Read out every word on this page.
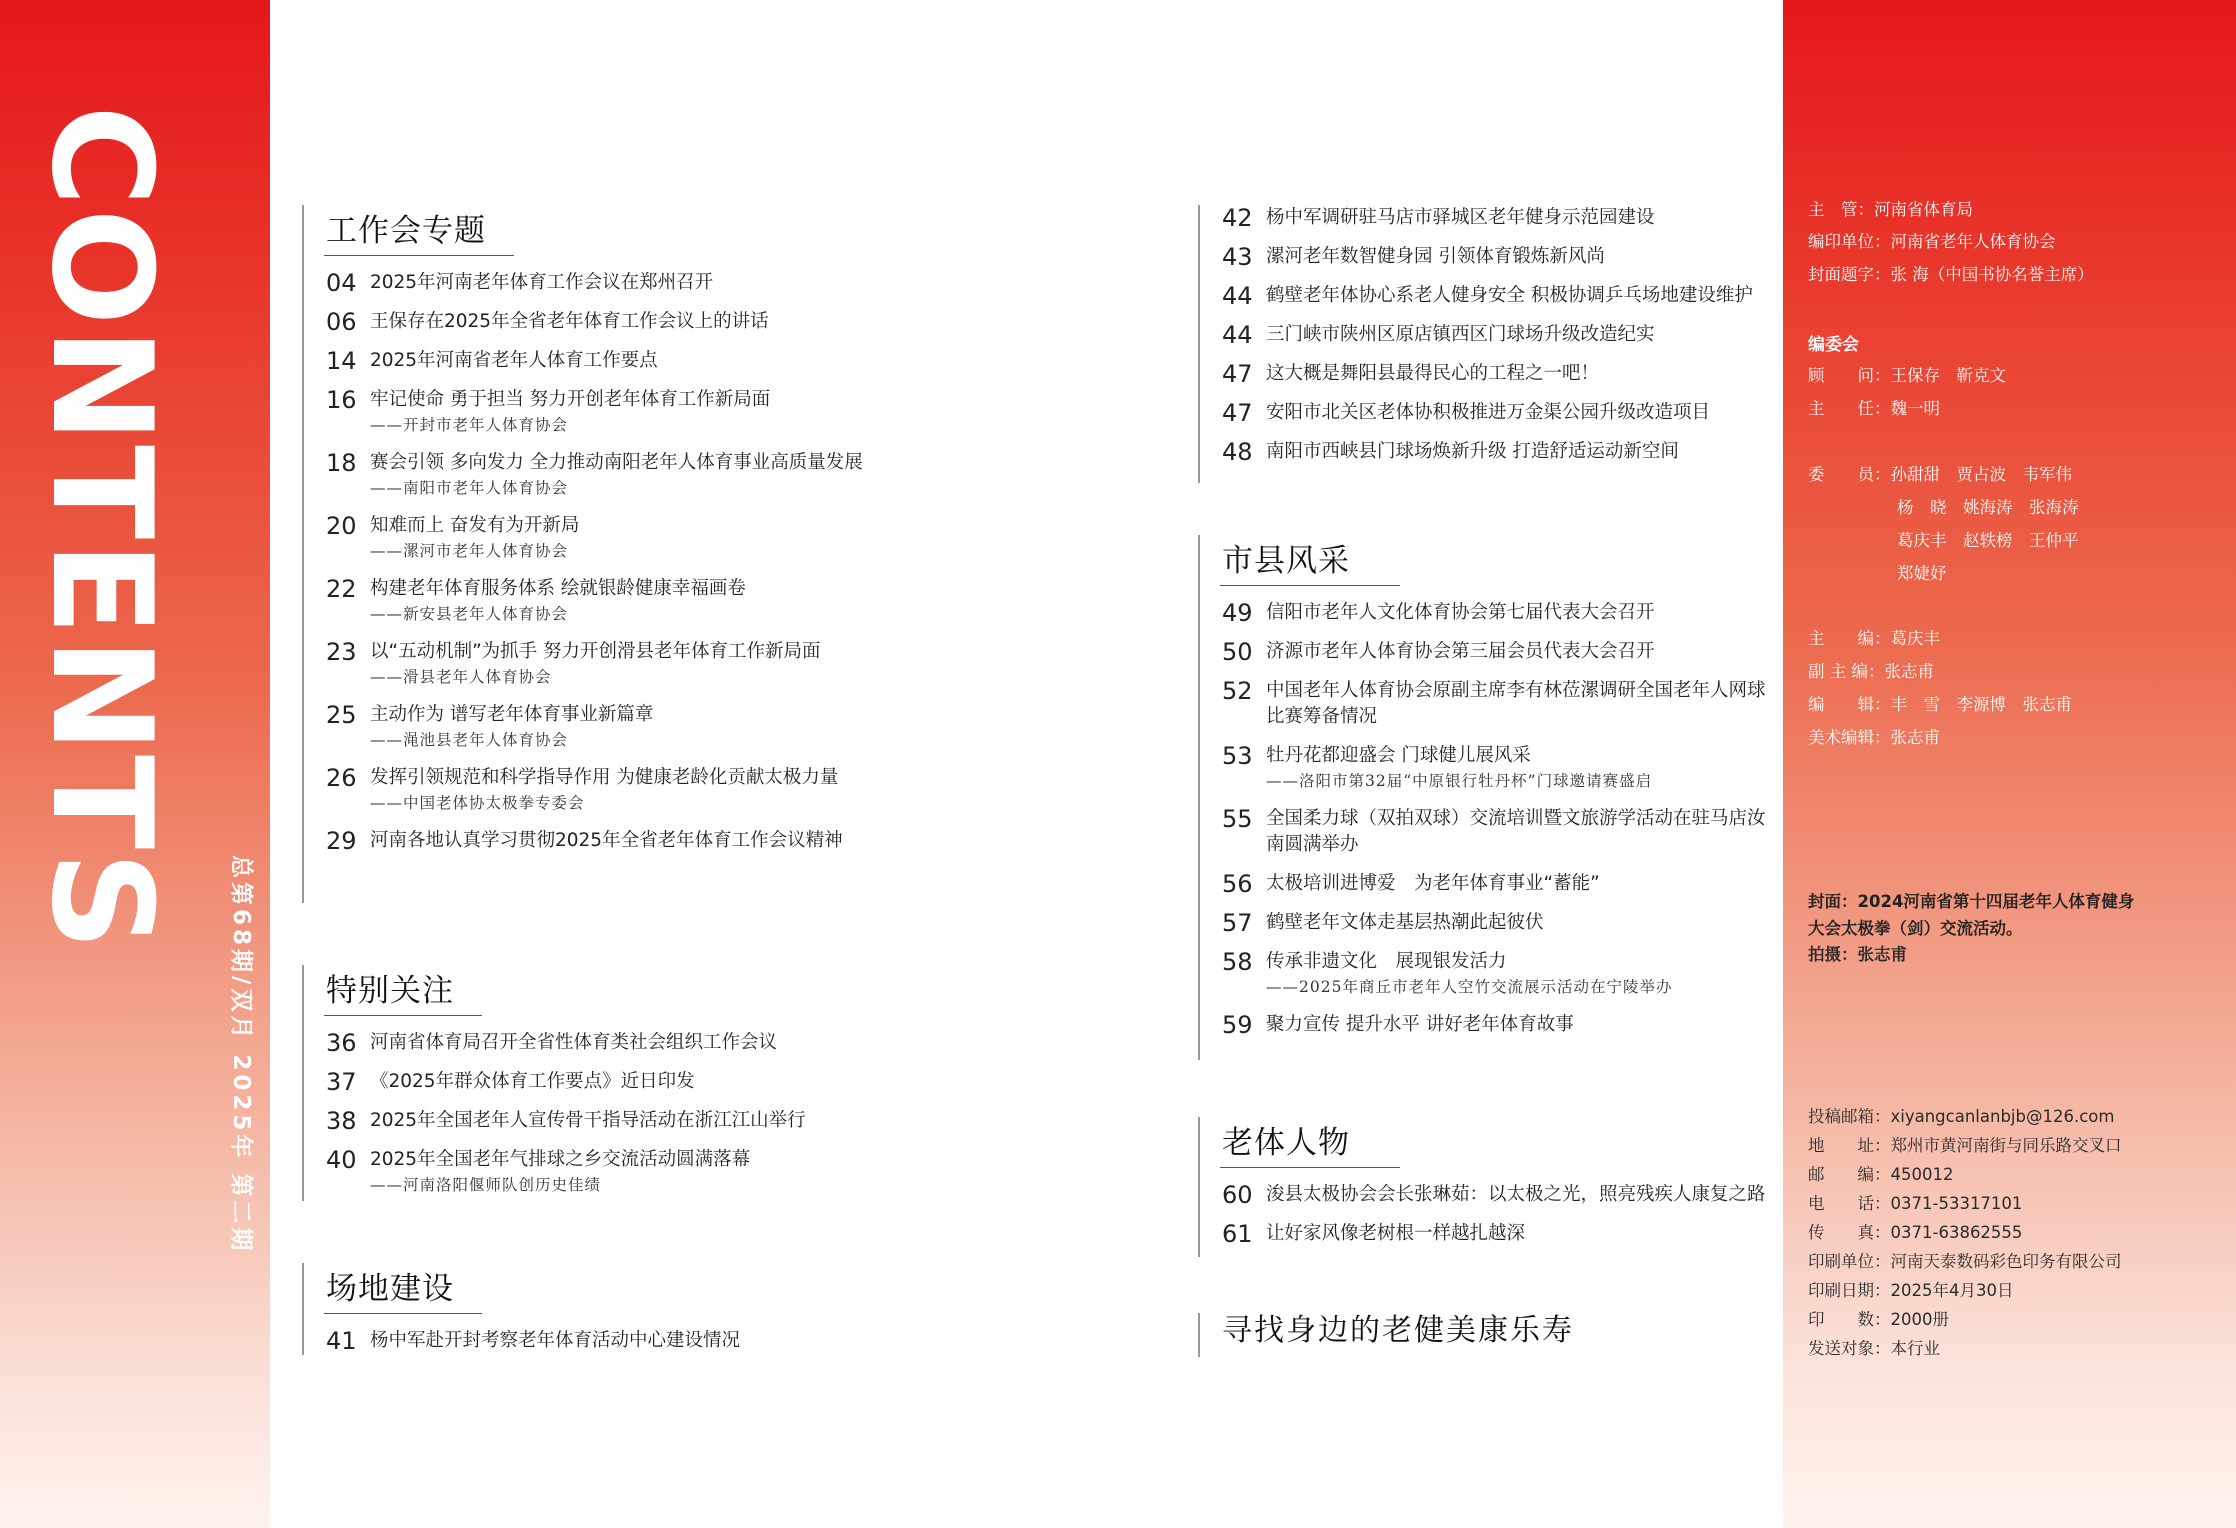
CONTENTS
总第68期/双月 2025年 第二期
工作会专题
04 2025年河南老年体育工作会议在郑州召开
06 王保存在2025年全省老年体育工作会议上的讲话
14 2025年河南省老年人体育工作要点
16 牢记使命 勇于担当 努力开创老年体育工作新局面
——开封市老年人体育协会
18 赛会引领 多向发力 全力推动南阳老年人体育事业高质量发展
——南阳市老年人体育协会
20 知难而上 奋发有为开新局
——漯河市老年人体育协会
22 构建老年体育服务体系 绘就银龄健康幸福画卷
——新安县老年人体育协会
23 以“五动机制”为抓手 努力开创滑县老年体育工作新局面
——滑县老年人体育协会
25 主动作为 谱写老年体育事业新篇章
——渑池县老年人体育协会
26 发挥引领规范和科学指导作用 为健康老龄化贡献太极力量
——中国老体协太极拳专委会
29 河南各地认真学习贯彻2025年全省老年体育工作会议精神
特别关注
36 河南省体育局召开全省性体育类社会组织工作会议
37 《2025年群众体育工作要点》近日印发
38 2025年全国老年人宣传骨干指导活动在浙江江山举行
40 2025年全国老年气排球之乡交流活动圆满落幕
——河南洛阳偃师队创历史佳绩
场地建设
41 杨中军赴开封考察老年体育活动中心建设情况
42 杨中军调研驻马店市驿城区老年健身示范园建设
43 漯河老年数智健身园 引领体育锻炼新风尚
44 鹤壁老年体协心系老人健身安全 积极协调乒乓场地建设维护
44 三门峡市陕州区原店镇西区门球场升级改造纪实
47 这大概是舞阳县最得民心的工程之一吧！
47 安阳市北关区老体协积极推进万金渠公园升级改造项目
48 南阳市西峡县门球场焕新升级 打造舒适运动新空间
市县风采
49 信阳市老年人文化体育协会第七届代表大会召开
50 济源市老年人体育协会第三届会员代表大会召开
52 中国老年人体育协会原副主席李有林莅漯调研全国老年人网球比赛筹备情况
53 牡丹花都迎盛会 门球健儿展风采
——洛阳市第32届“中原银行牡丹杯”门球邀请赛盛启
55 全国柔力球（双拍双球）交流培训暨文旅游学活动在驻马店汝南圆满举办
56 太极培训进博爱　为老年体育事业“蓄能”
57 鹤壁老年文体走基层热潮此起彼伏
58 传承非遗文化　展现银发活力
——2025年商丘市老年人空竹交流展示活动在宁陵举办
59 聚力宣传 提升水平 讲好老年体育故事
老体人物
60 浚县太极协会会长张琳茹：以太极之光，照亮残疾人康复之路
61 让好家风像老树根一样越扎越深
寻找身边的老健美康乐寿
主　管：河南省体育局
编印单位：河南省老年人体育协会
封面题字：张 海（中国书协名誉主席）
编委会
顾　　问：王保存　靳克文
主　　任：魏一明
委　　员：孙甜甜　贾占波　韦军伟
杨　晓　姚海涛　张海涛
葛庆丰　赵轶榜　王仲平
郑婕妤
主　　编：葛庆丰
副 主 编：张志甫
编　　辑：丰　雪　李源博　张志甫
美术编辑：张志甫
封面：2024河南省第十四届老年人体育健身大会太极拳（剑）交流活动。
拍摄：张志甫
投稿邮箱：xiyangcanlanbjb@126.com
地　　址：郑州市黄河南街与同乐路交叉口
邮　　编：450012
电　　话：0371-53317101
传　　真：0371-63862555
印刷单位：河南天泰数码彩色印务有限公司
印刷日期：2025年4月30日
印　　数：2000册
发送对象：本行业
